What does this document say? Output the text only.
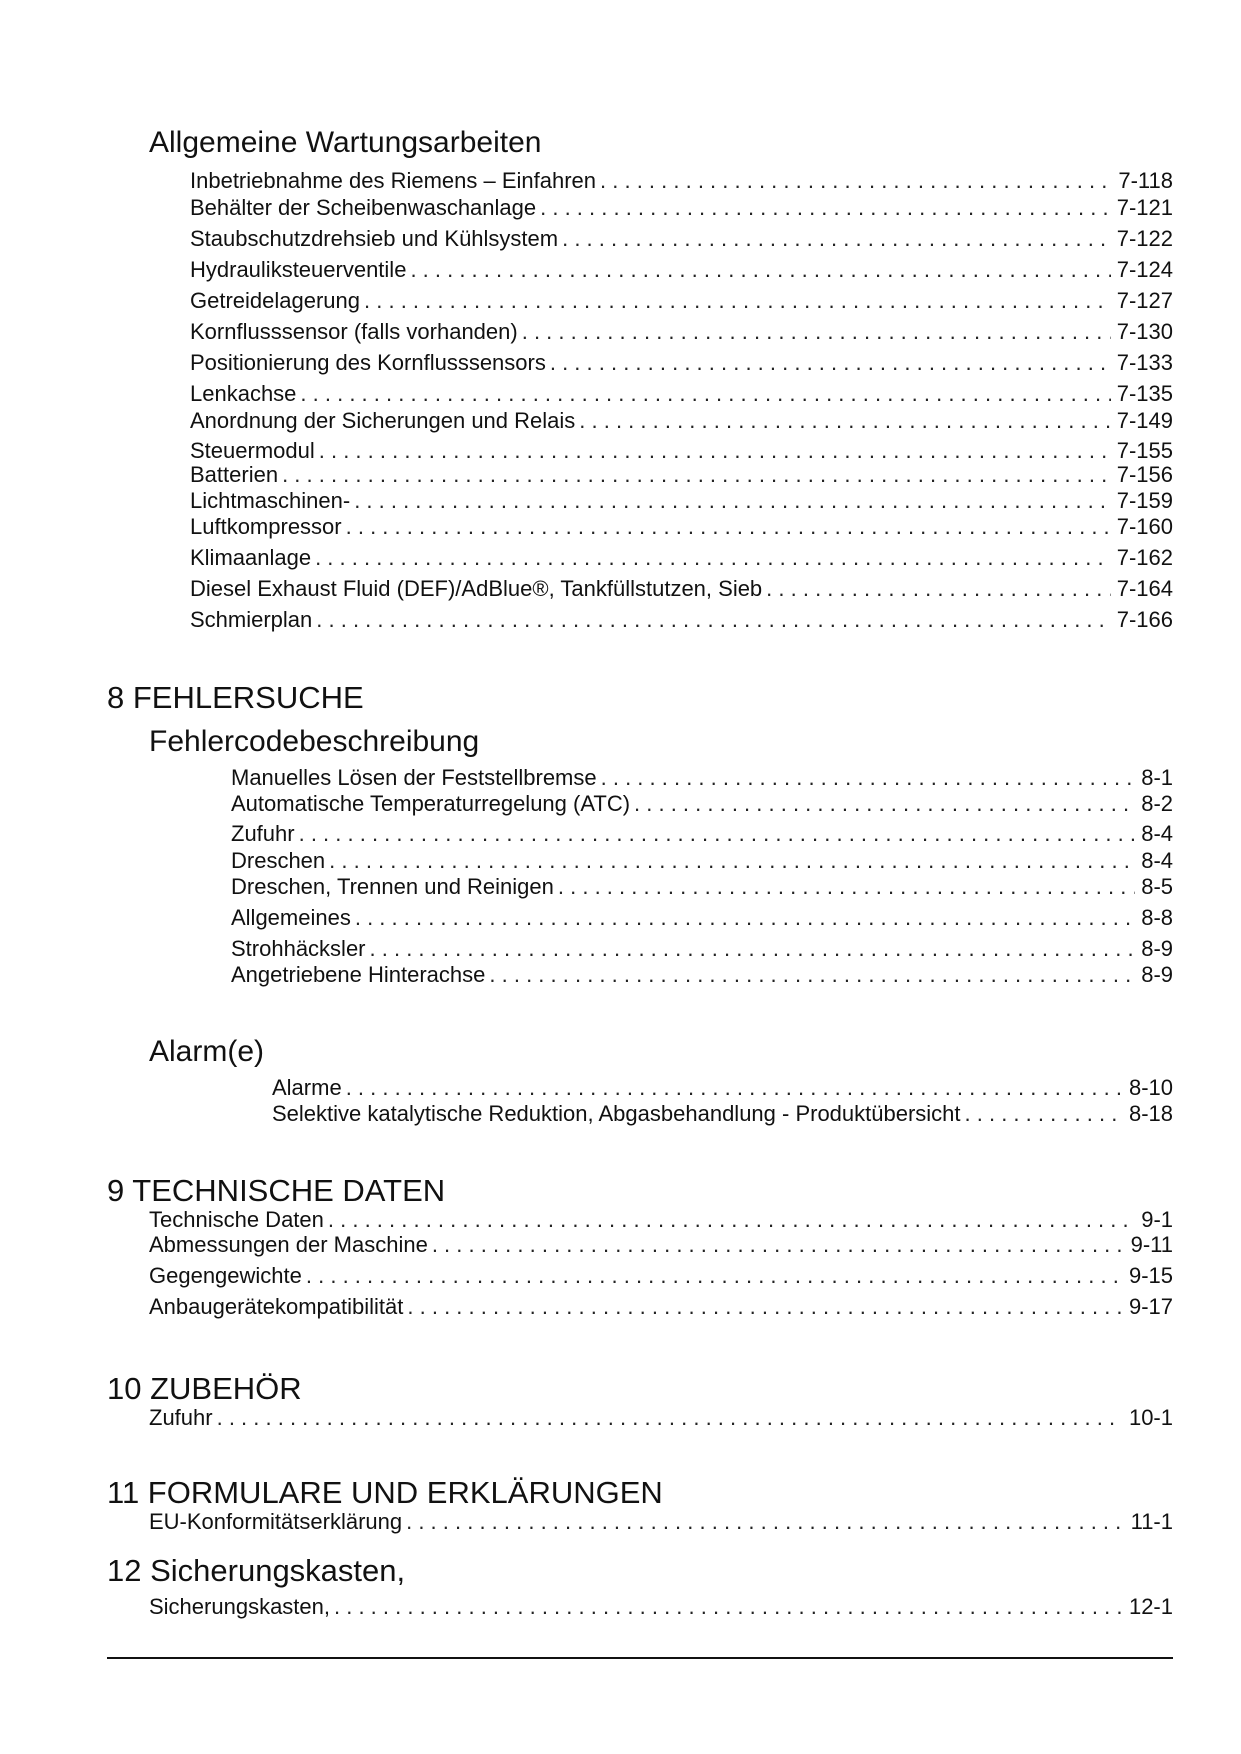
Allgemeine Wartungsarbeiten
Inbetriebnahme des Riemens – Einfahren . . .	7-118
Behälter der Scheibenwaschanlage . . .	7-121
Staubschutzdrehsieb und Kühlsystem . . .	7-122
Hydrauliksteuerventile . . .	7-124
Getreidelagerung . . .	7-127
Kornflusssensor (falls vorhanden) . . .	7-130
Positionierung des Kornflusssensors . . .	7-133
Lenkachse . . .	7-135
Anordnung der Sicherungen und Relais . . .	7-149
Steuermodul . . .	7-155
Batterien . . .	7-156
Lichtmaschinen- . . .	7-159
Luftkompressor . . .	7-160
Klimaanlage . . .	7-162
Diesel Exhaust Fluid (DEF)/AdBlue®, Tankfüllstutzen, Sieb . . .	7-164
Schmierplan . . .	7-166
8 FEHLERSUCHE
Fehlercodebeschreibung
Manuelles Lösen der Feststellbremse . . .	8-1
Automatische Temperaturregelung (ATC) . . .	8-2
Zufuhr . . .	8-4
Dreschen . . .	8-4
Dreschen, Trennen und Reinigen . . .	8-5
Allgemeines . . .	8-8
Strohhäcksler . . .	8-9
Angetriebene Hinterachse . . .	8-9
Alarm(e)
Alarme . . .	8-10
Selektive katalytische Reduktion, Abgasbehandlung - Produktübersicht . . .	8-18
9 TECHNISCHE DATEN
Technische Daten . . .	9-1
Abmessungen der Maschine . . .	9-11
Gegengewichte . . .	9-15
Anbaugerätekompatibilität . . .	9-17
10 ZUBEHÖR
Zufuhr . . .	10-1
11 FORMULARE UND ERKLÄRUNGEN
EU-Konformitätserklärung . . .	11-1
12 Sicherungskasten,
Sicherungskasten, . . .	12-1
